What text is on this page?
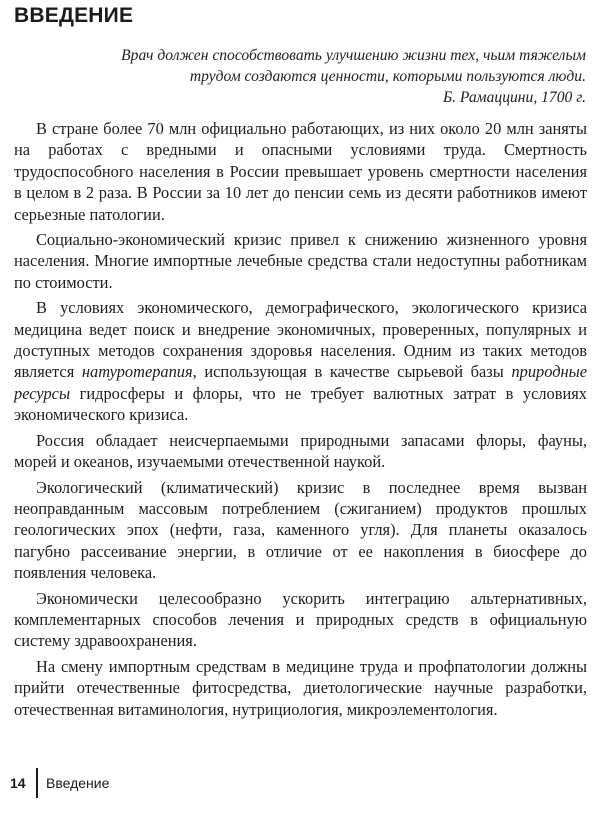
ВВЕДЕНИЕ

Врач должен способствовать улучшению жизни тех, чьим тяжелым

трудом создаются ценности, которыми пользуются люди.

Б. Рамаццини, 1700 г.

В стране более 70 млн официально работающих, из них около 20 млн заняты на работах с вредными и опасными условиями труда. Смертность трудоспособного населения в России превышает уровень смертности населения в целом в 2 раза. В России за 10 лет до пенсии семь из десяти работников имеют серьезные патологии.

Социально-экономический кризис привел к снижению жизненного уровня населения. Многие импортные лечебные средства стали недоступны работникам по стоимости.

В условиях экономического, демографического, экологического кризиса медицина ведет поиск и внедрение экономичных, проверенных, популярных и доступных методов сохранения здоровья населения. Одним из таких методов является натуротерапия, использующая в качестве сырьевой базы природные ресурсы гидросферы и флоры, что не требует валютных затрат в условиях экономического кризиса.

Россия обладает неисчерпаемыми природными запасами флоры, фауны, морей и океанов, изучаемыми отечественной наукой.

Экологический (климатический) кризис в последнее время вызван неоправданным массовым потреблением (сжиганием) продуктов прошлых геологических эпох (нефти, газа, каменного угля). Для планеты оказалось пагубно рассеивание энергии, в отличие от ее накопления в биосфере до появления человека.

Экономически целесообразно ускорить интеграцию альтернативных, комплементарных способов лечения и природных средств в официальную систему здравоохранения.

На смену импортным средствам в медицине труда и профпатологии должны прийти отечественные фитосредства, диетологические научные разработки, отечественная витаминология, нутрициология, микроэлементология.

14	Введение
